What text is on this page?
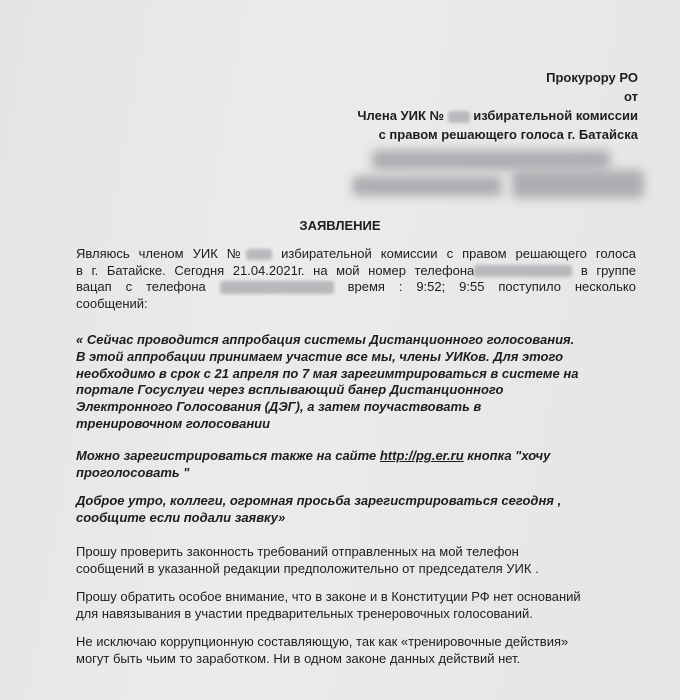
Прокурору РО
от
Члена УИК № избирательной комиссии
с правом решающего голоса г. Батайска
ЗАЯВЛЕНИЕ
Являюсь членом УИК №	избирательной комиссии с правом решающего голоса
в г. Батайске. Сегодня 21.04.2021г. на мой номер телефона	в группе
вацап с телефона	время : 9:52; 9:55 поступило несколько
сообщений:
« Сейчас проводится аппробация системы Дистанционного голосования.
В этой аппробации принимаем участие все мы, члены УИКов. Для этого
необходимо в срок с 21 апреля по 7 мая зарегимтрироваться в системе на
портале Госуслуги через всплывающий банер Дистанционного
Электронного Голосования (ДЭГ), а затем поучаствовать в
тренировочном голосовании
Можно зарегистрироваться также на сайте http://pg.er.ru кнопка "хочу
проголосовать "
Доброе утро, коллеги, огромная просьба зарегистрироваться сегодня ,
сообщите если подали заявку»
Прошу проверить законность требований отправленных на мой телефон
сообщений в указанной редакции предположительно от председателя УИК .
Прошу обратить особое внимание, что в законе и в Конституции РФ нет оснований
для навязывания в участии предварительных тренеровочных голосований.
Не исключаю коррупционную составляющую, так как «тренировочные действия»
могут быть чьим то заработком. Ни в одном законе данных действий нет.
